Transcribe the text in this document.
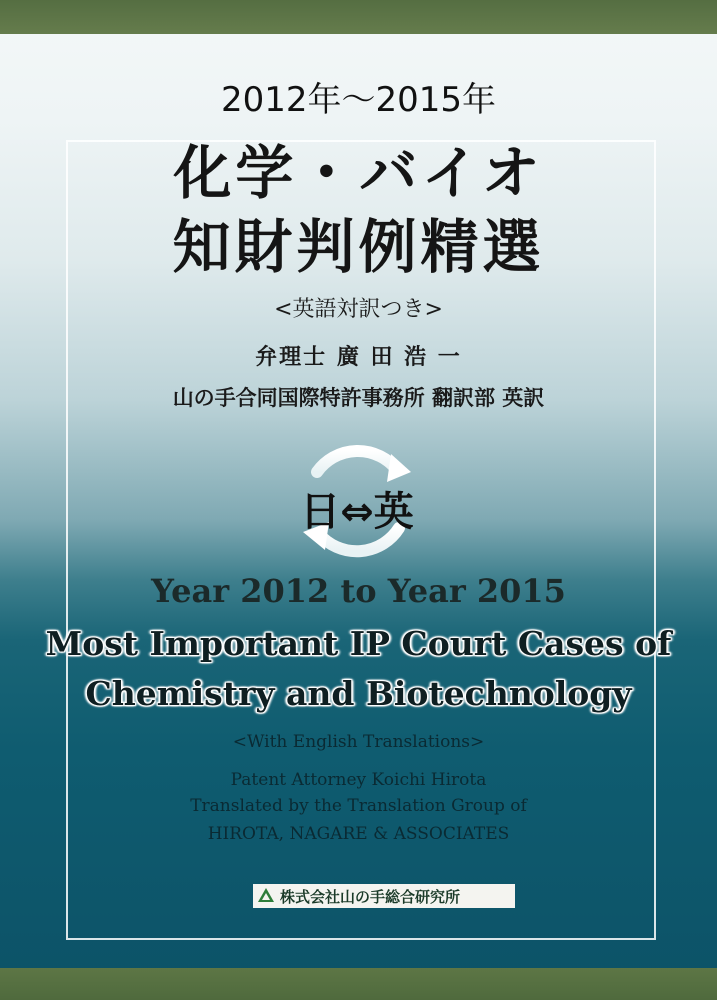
2012年〜2015年
化学・バイオ
知財判例精選
<英語対訳つき>
弁理士 廣 田 浩 一
山の手合同国際特許事務所 翻訳部 英訳
日⇔英
Year 2012 to Year 2015
Most Important IP Court Cases of
Chemistry and Biotechnology
<With English Translations>
Patent Attorney Koichi Hirota
Translated by the Translation Group of
HIROTA, NAGARE & ASSOCIATES
株式会社山の手総合研究所
